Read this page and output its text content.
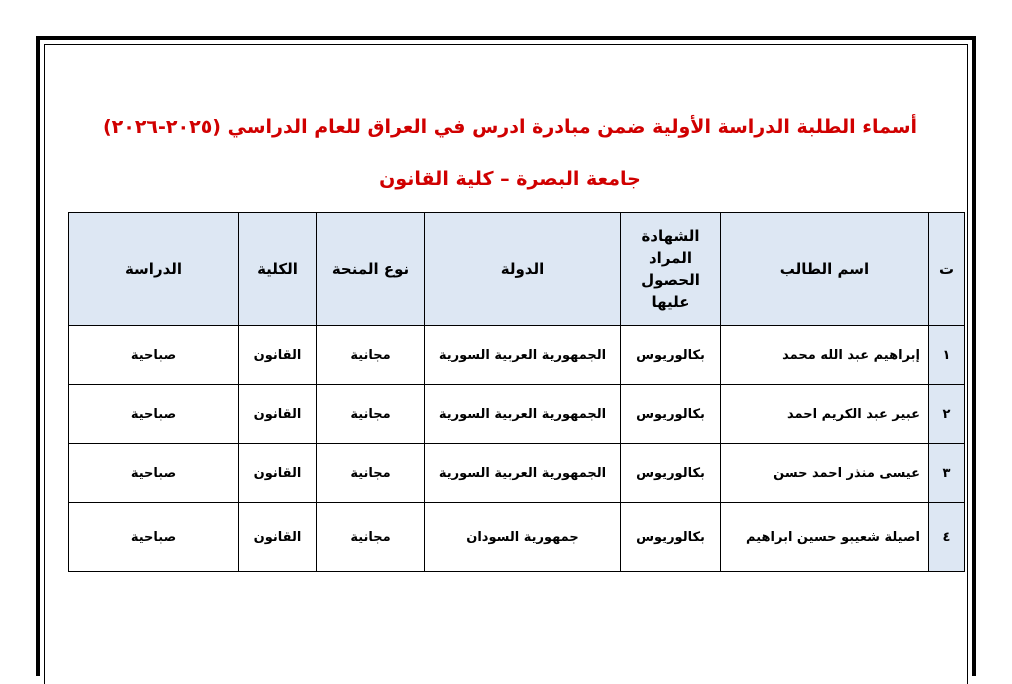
أسماء الطلبة الدراسة الأولية ضمن مبادرة ادرس في العراق للعام الدراسي (٢٠٢٥-٢٠٢٦)
جامعة البصرة – كلية القانون
ت	اسم الطالب	الشهادة المراد الحصول عليها	الدولة	نوع المنحة	الكلية	الدراسة
١	إبراهيم عبد الله محمد	بكالوريوس	الجمهورية العربية السورية	مجانية	القانون	صباحية
٢	عبير عبد الكريم احمد	بكالوريوس	الجمهورية العربية السورية	مجانية	القانون	صباحية
٣	عيسى منذر احمد حسن	بكالوريوس	الجمهورية العربية السورية	مجانية	القانون	صباحية
٤	اصيلة شعيبو حسين ابراهيم	بكالوريوس	جمهورية السودان	مجانية	القانون	صباحية
